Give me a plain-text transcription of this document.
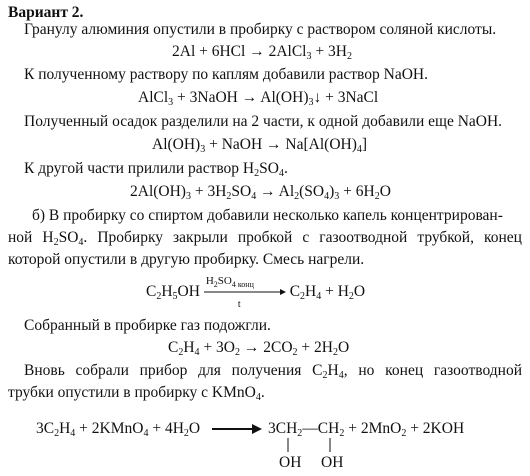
Вариант 2.
Гранулу алюминия опустили в пробирку с раствором соляной кислоты.
2Al + 6HCl → 2AlCl$_3$ + $3H_2$
К полученному раствору по каплям добавили раствор NaOH.
AlCl$_3$ + 3NaOH → $Al(OH)_3↓$ + 3NaCl
Полученный осадок разделили на 2 части, к одной добавили еще NaOH.
$Al(OH)_3$ + NaOH → $Na[Al(OH)_4]$
К другой части прилили раствор $H_2SO_4$.
$2Al(OH)_3 + 3H_2SO_4 \to Al_2(SO_4)_3 + 6H_2O$
б) В пробирку со спиртом добавили несколько капель концентрирован-
ной $H_2SO_4$. Пробирку закрыли пробкой с газоотводной трубкой, конец
которой опустили в другую пробирку. Смесь нагрели.
$C_2H_5OH$
$H_2SO_{4 конц}$
t
$C_2H_4 + H_2O$
Собранный в пробирке газ подожгли.
$C_2H_4 + 3O_2 \to 2CO_2 + 2H_2O$
Вновь собрали прибор для получения $C_2H_4$, но конец газоотводной
трубки опустили в пробирку с KMnO$_4$.
$3C_2H_4$ + 2KMnO$_4$ + $4H_2O$	$3CH_2—CH_2 + 2MnO_2 + 2KOH$
OH OH
